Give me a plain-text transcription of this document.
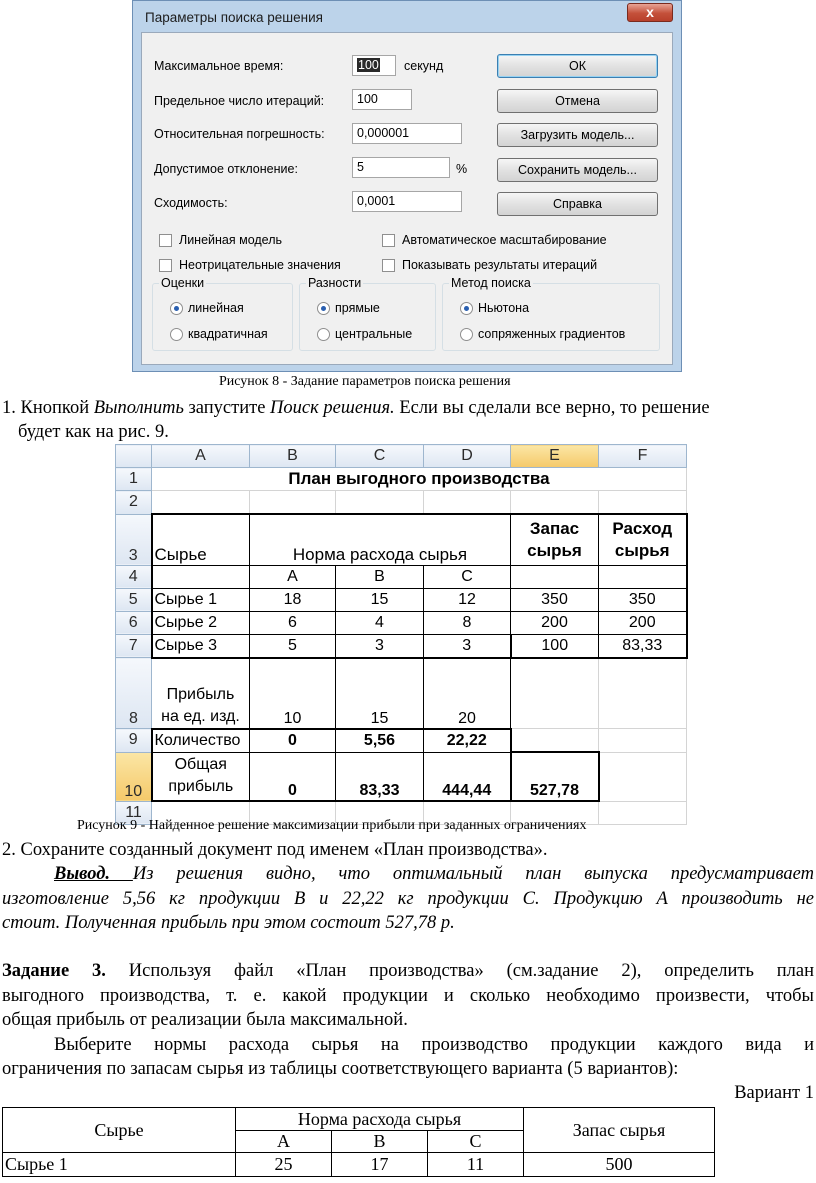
Параметры поиска решения	x
Максимальное время:	100	секунд
Предельное число итераций:	100
Относительная погрешность:	0,000001
Допустимое отклонение:	5	%
Сходимость:	0,0001
ОК
Отмена
Загрузить модель...
Сохранить модель...
Справка
Линейная модель	Автоматическое масштабирование
Неотрицательные значения	Показывать результаты итераций
Оценки
линейная
квадратичная
Разности
прямые
центральные
Метод поиска
Ньютона
сопряженных градиентов
Рисунок 8 - Задание параметров поиска решения
1. Кнопкой Выполнить запустите Поиск решения. Если вы сделали все верно, то решение
будет как на рис. 9.
	A	B	C	D	E	F
1	План выгодного производства					
2						
3	Сырье	Норма расхода сырья			Запас сырья	Расход сырья
4		A	B	C		
5	Сырье 1	18	15	12	350	350
6	Сырье 2	6	4	8	200	200
7	Сырье 3	5	3	3	100	83,33
8	Прибыль
на ед. изд.	10	15	20		
9	Количество	0	5,56	22,22		
10	Общая
прибыль	0	83,33	444,44	527,78	
11						
Рисунок 9 - Найденное решение максимизации прибыли при заданных ограничениях
2. Сохраните созданный документ под именем «План производства».
Вывод. Из решения видно, что оптимальный план выпуска предусматривает
изготовление 5,56 кг продукции B и 22,22 кг продукции C. Продукцию A производить не
стоит. Полученная прибыль при этом состоит 527,78 р.
Задание 3. Используя файл «План производства» (см.задание 2), определить план
выгодного производства, т. е. какой продукции и сколько необходимо произвести, чтобы
общая прибыль от реализации была максимальной.
Выберите нормы расхода сырья на производство продукции каждого вида и
ограничения по запасам сырья из таблицы соответствующего варианта (5 вариантов):
Вариант 1
Сырье	Норма расхода сырья			Запас сырья
	А	В	С	
Сырье 1	25	17	11	500
